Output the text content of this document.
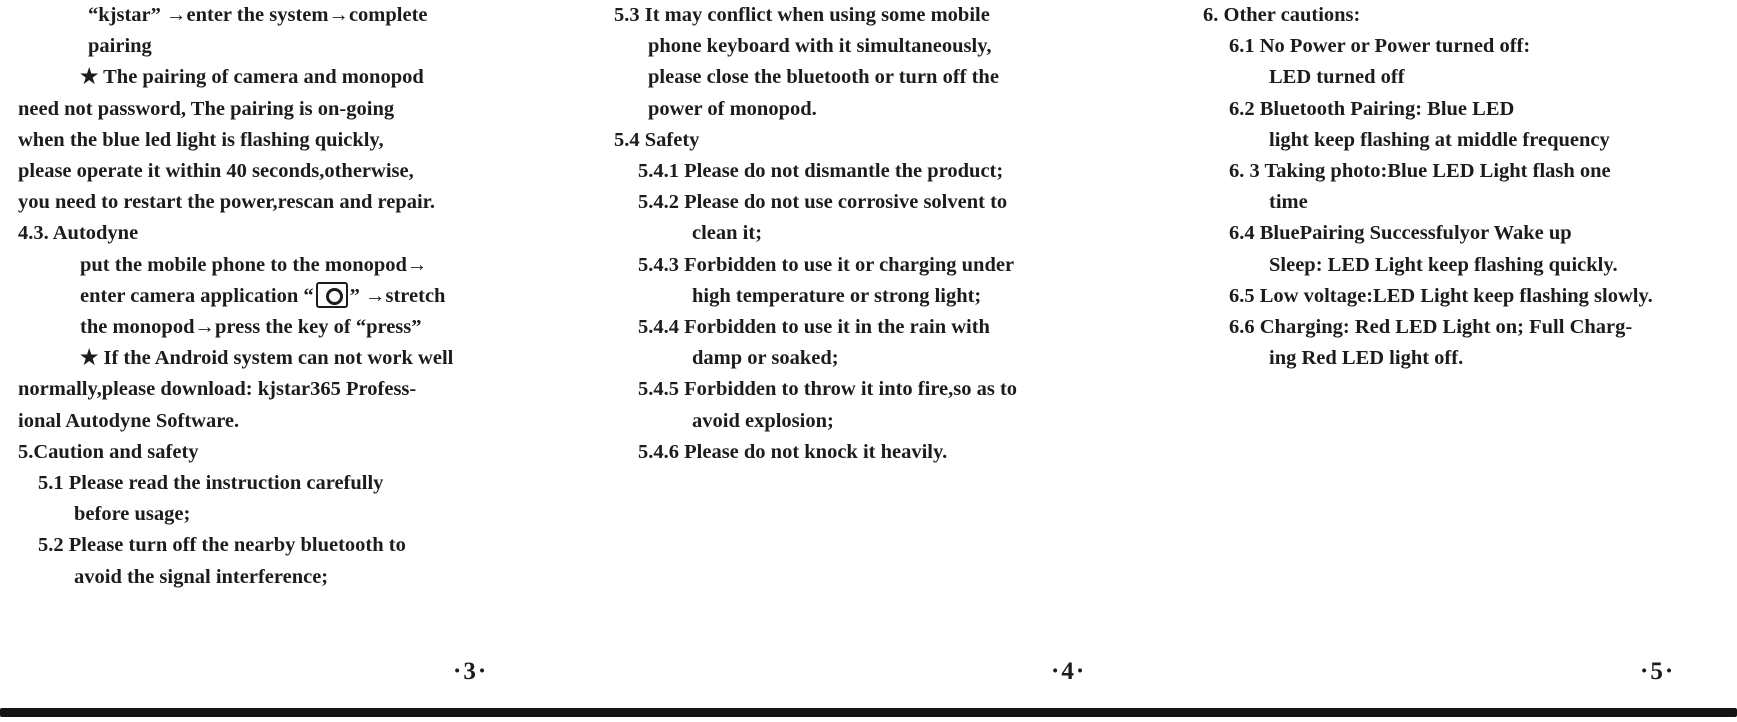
“kjstar” →enter the system→complete

pairing

★ The pairing of camera and monopod

need not password, The pairing is on-going

when the blue led light is flashing quickly,

please operate it within 40 seconds,otherwise,

you need to restart the power,rescan and repair.

4.3. Autodyne

put the mobile phone to the monopod→

enter camera application “ ” →stretch

the monopod→press the key of “press”

★ If the Android system can not work well

normally,please download: kjstar365 Profess-

ional Autodyne Software.

5.Caution and safety

5.1 Please read the instruction carefully

before usage;

5.2 Please turn off the nearby bluetooth to

avoid the signal interference;

5.3 It may conflict when using some mobile

phone keyboard with it simultaneously,

please close the bluetooth or turn off the

power of monopod.

5.4 Safety

5.4.1 Please do not dismantle the product;

5.4.2 Please do not use corrosive solvent to

clean it;

5.4.3 Forbidden to use it or charging under

high temperature or strong light;

5.4.4 Forbidden to use it in the rain with

damp or soaked;

5.4.5 Forbidden to throw it into fire,so as to

avoid explosion;

5.4.6 Please do not knock it heavily.

6. Other cautions:

6.1 No Power or Power turned off:

LED turned off

6.2 Bluetooth Pairing: Blue LED

light keep flashing at middle frequency

6. 3 Taking photo:Blue LED Light flash one

time

6.4 BluePairing Successfulyor Wake up

Sleep: LED Light keep flashing quickly.

6.5 Low voltage:LED Light keep flashing slowly.

6.6 Charging: Red LED Light on; Full Charg-

ing Red LED light off.

·3·	·4·	·5·
